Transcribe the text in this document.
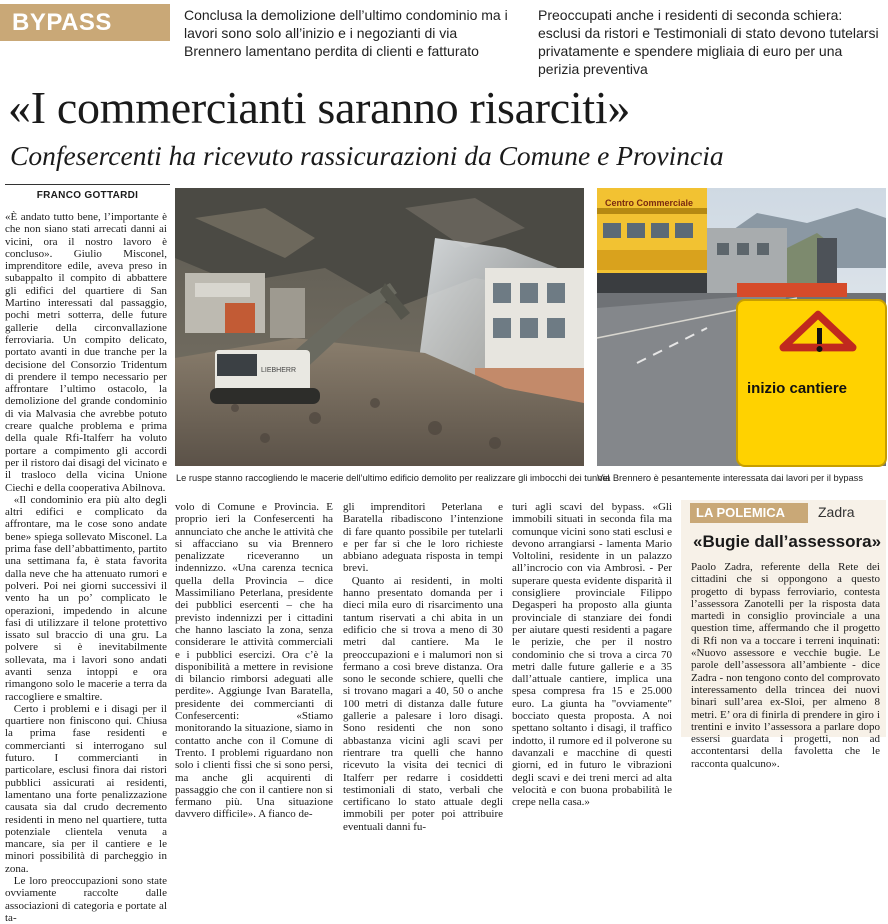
BYPASS	Conclusa la demolizione dell’ultimo condominio ma i lavori sono solo all’inizio e i negozianti di via Brennero lamentano perdita di clienti e fatturato
Preoccupati anche i residenti di seconda schiera: esclusi da ristori e Testimoniali di stato devono tutelarsi privatamente e spendere migliaia di euro per una perizia preventiva
«I commercianti saranno risarciti»
Confesercenti ha ricevuto rassicurazioni da Comune e Provincia
FRANCO GOTTARDI

«È andato tutto bene, l’importante è che non siano stati arrecati danni ai vicini, ora il nostro lavoro è concluso». Giulio Misconel, imprenditore edile, aveva preso in subappalto il compito di abbattere gli edifici del quartiere di San Martino interessati dal passaggio, pochi metri sotterra, delle future gallerie della circonvallazione ferroviaria. Un compito delicato, portato avanti in due tranche per la decisione del Consorzio Tridentum di prendere il tempo necessario per affrontare l’ultimo ostacolo, la demolizione del grande condominio di via Malvasia che avrebbe potuto creare qualche problema e prima della quale Rfi-Italferr ha voluto portare a compimento gli accordi per il ristoro dai disagi del vicinato e il trasloco della vicina Unione Ciechi e della cooperativa Abilnova.

«Il condominio era più alto degli altri edifici e complicato da affrontare, ma le cose sono andate bene» spiega sollevato Misconel. La prima fase dell’abbattimento, partito una settimana fa, è stata favorita dalla neve che ha attenuato rumori e polveri. Poi nei giorni successivi il vento ha un po’ complicato le operazioni, impedendo in alcune fasi di utilizzare il telone protettivo issato sul braccio di una gru. La polvere si è inevitabilmente sollevata, ma i lavori sono andati avanti senza intoppi e ora rimangono solo le macerie a terra da raccogliere e smaltire.

Certo i problemi e i disagi per il quartiere non finiscono qui. Chiusa la prima fase residenti e commercianti si interrogano sul futuro. I commercianti in particolare, esclusi finora dai ristori pubblici assicurati ai residenti, lamentano una forte penalizzazione causata sia dal crudo decremento residenti in meno nel quartiere, tutta potenziale clientela venuta a mancare, sia per il cantiere e le minori possibilità di parcheggio in zona.

Le loro preoccupazioni sono state ovviamente raccolte dalle associazioni di categoria e portate al ta-

LIEBHERR
Le ruspe stanno raccogliendo le macerie dell’ultimo edificio demolito per realizzare gli imbocchi dei tunnel
Centro Commerciale
inizio cantiere
Via Brennero è pesantemente interessata dai lavori per il bypass

volo di Comune e Provincia. E proprio ieri la Confesercenti ha annunciato che anche le attività che si affacciano su via Brennero penalizzate riceveranno un indennizzo. «Una carenza tecnica quella della Provincia – dice Massimiliano Peterlana, presidente dei pubblici esercenti – che ha previsto indennizzi per i cittadini che hanno lasciato la zona, senza considerare le attività commerciali e i pubblici esercizi. Ora c’è la disponibilità a mettere in revisione di bilancio rimborsi adeguati alle perdite». Aggiunge Ivan Baratella, presidente dei commercianti di Confesercenti: «Stiamo monitorando la situazione, siamo in contatto anche con il Comune di Trento. I problemi riguardano non solo i clienti fissi che si sono persi, ma anche gli acquirenti di passaggio che con il cantiere non si fermano più. Una situazione davvero difficile». A fianco de-

gli imprenditori Peterlana e Baratella ribadiscono l’intenzione di fare quanto possibile per tutelarli e per far sì che le loro richieste abbiano adeguata risposta in tempi brevi.

Quanto ai residenti, in molti hanno presentato domanda per i dieci mila euro di risarcimento una tantum riservati a chi abita in un edificio che si trova a meno di 30 metri dal cantiere. Ma le preoccupazioni e i malumori non si fermano a così breve distanza. Ora sono le seconde schiere, quelli che si trovano magari a 40, 50 o anche 100 metri di distanza dalle future gallerie a palesare i loro disagi. Sono residenti che non sono abbastanza vicini agli scavi per rientrare tra quelli che hanno ricevuto la visita dei tecnici di Italferr per redarre i cosiddetti testimoniali di stato, verbali che certificano lo stato attuale degli immobili per poter poi attribuire eventuali danni fu-

turi agli scavi del bypass. «Gli immobili situati in seconda fila ma comunque vicini sono stati esclusi e devono arrangiarsi - lamenta Mario Voltolini, residente in un palazzo all’incrocio con via Ambrosi. - Per superare questa evidente disparità il consigliere provinciale Filippo Degasperi ha proposto alla giunta provinciale di stanziare dei fondi per aiutare questi residenti a pagare le perizie, che per il nostro condominio che si trova a circa 70 metri dalle future gallerie e a 35 dall’attuale cantiere, implica una spesa compresa fra 15 e 25.000 euro. La giunta ha "ovviamente" bocciato questa proposta. A noi spettano soltanto i disagi, il traffico indotto, il rumore ed il polverone su davanzali e macchine di questi giorni, ed in futuro le vibrazioni degli scavi e dei treni merci ad alta velocità e con buona probabilità le crepe nella casa.»

LA POLEMICA	Zadra
«Bugie dall’assessora»

Paolo Zadra, referente della Rete dei cittadini che si oppongono a questo progetto di bypass ferroviario, contesta l’assessora Zanotelli per la risposta data martedì in consiglio provinciale a una question time, affermando che il progetto di Rfi non va a toccare i terreni inquinati: «Nuovo assessore e vecchie bugie. Le parole dell’assessora all’ambiente - dice Zadra - non tengono conto del comprovato interessamento della trincea dei nuovi binari sull’area ex-Sloi, per almeno 8 metri. E’ ora di finirla di prendere in giro i trentini e invito l’assessora a parlare dopo essersi guardata i progetti, non ad accontentarsi della favoletta che le racconta qualcuno».
